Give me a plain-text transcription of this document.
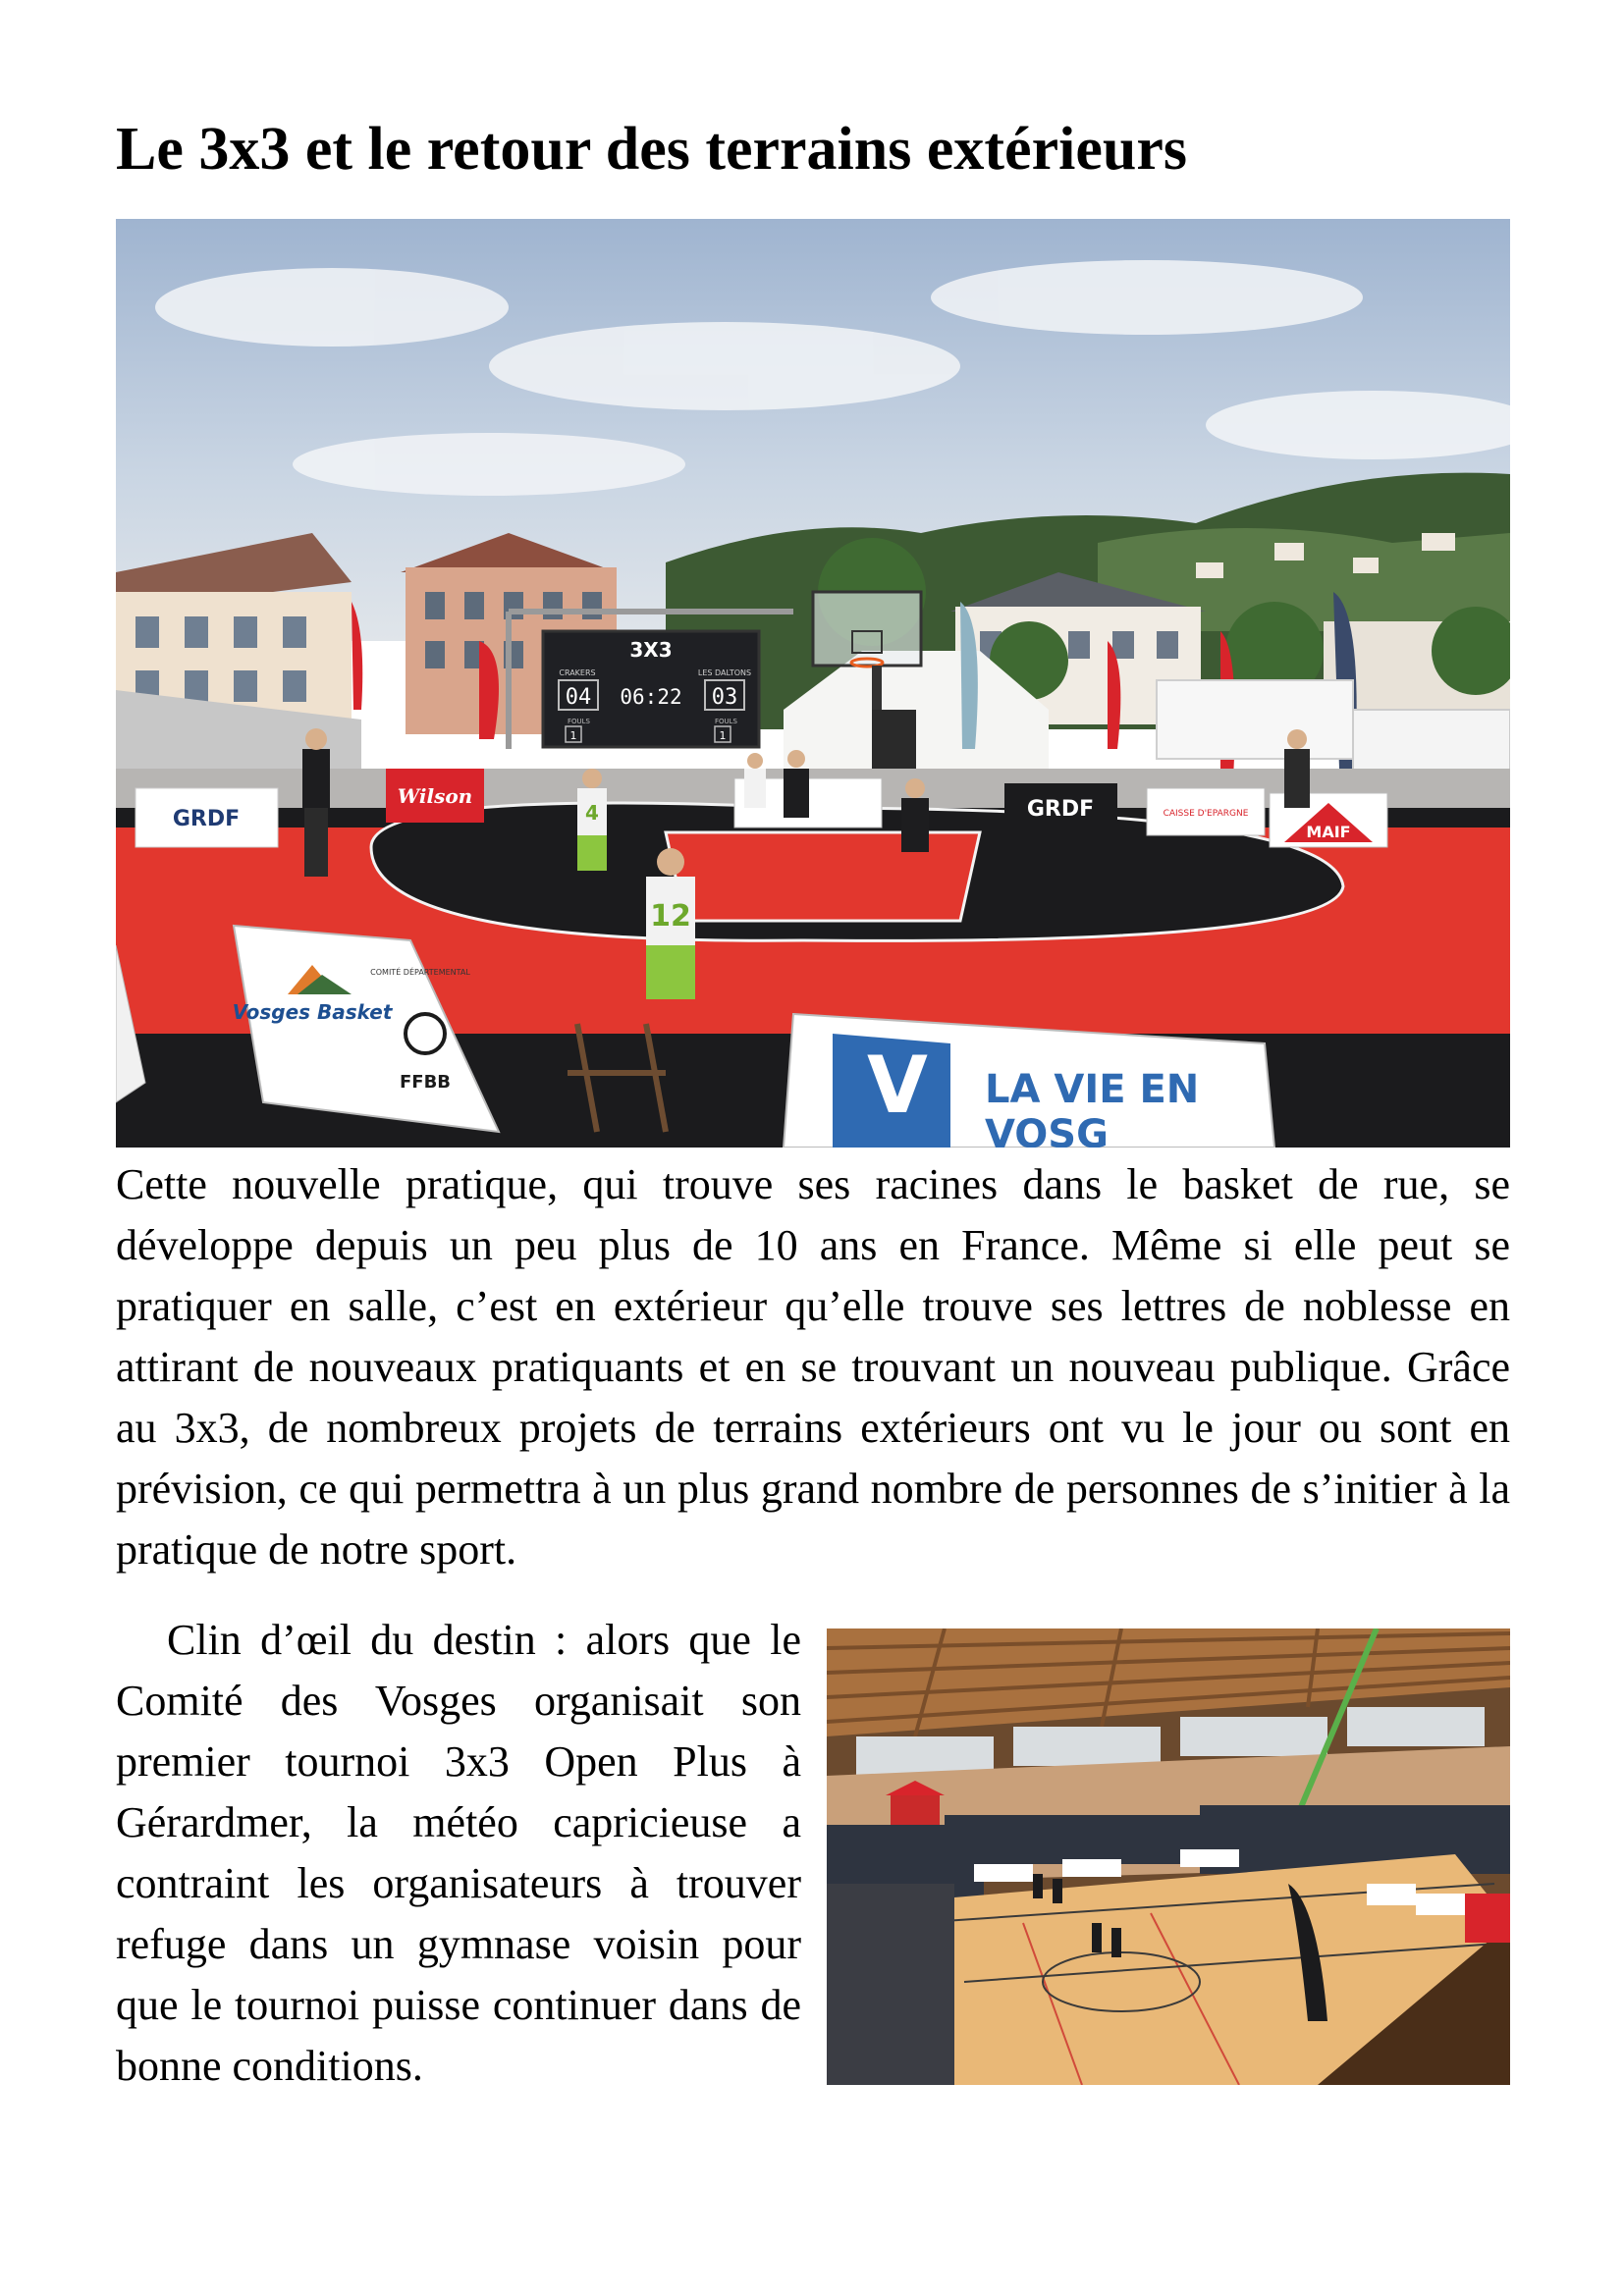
Le 3x3 et le retour des terrains extérieurs
3X3
CRAKERS	LES DALTONS
04	03
06:22
FOULS	FOULS
1	1
GRDF
Wilson
GRDF	CAISSE D'EPARGNE
MAIF
4
12
Vosges Basket
COMITÉ DÉPARTEMENTAL
FFBB	V LA VIE EN
VOSG

Cette nouvelle pratique, qui trouve ses racines dans le basket de rue, se développe depuis un peu plus de 10 ans en France. Même si elle peut se pratiquer en salle, c’est en extérieur qu’elle trouve ses lettres de noblesse en attirant de nouveaux pratiquants et en se trouvant un nouveau publique. Grâce au 3x3, de nombreux projets de terrains extérieurs ont vu le jour ou sont en prévision, ce qui permettra à un plus grand nombre de personnes de s’initier à la pratique de notre sport.

Clin d’œil du destin : alors que le Comité des Vosges organisait son premier tournoi 3x3 Open Plus à Gérardmer, la météo capricieuse a contraint les organisateurs à trouver refuge dans un gymnase voisin pour que le tournoi puisse continuer dans de bonne conditions.
